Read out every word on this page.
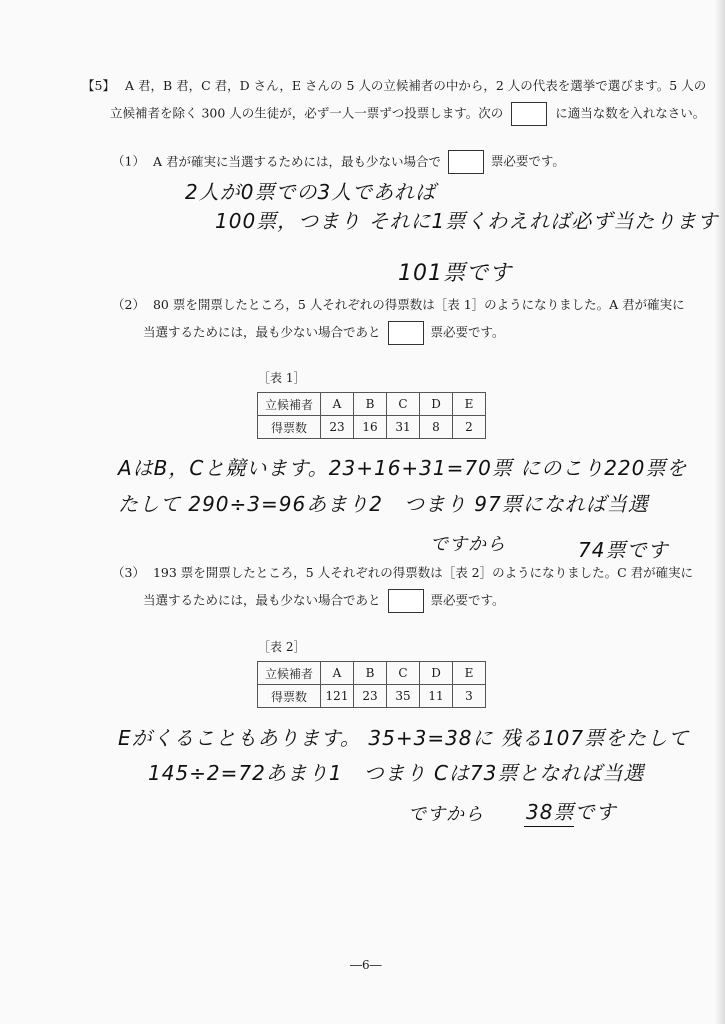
【5】 A 君，B 君，C 君，D さん，E さんの 5 人の立候補者の中から，2 人の代表を選挙で選びます。5 人の
立候補者を除く 300 人の生徒が，必ず一人一票ずつ投票します。次の	に適当な数を入れなさい。
（1） A 君が確実に当選するためには，最も少ない場合で	票必要です。
2人が0票での3人であれば
100票，つまり それに1票くわえれば必ず当たります
101票です
（2） 80 票を開票したところ，5 人それぞれの得票数は［表 1］のようになりました。A 君が確実に
当選するためには，最も少ない場合であと	票必要です。
［表 1］
立候補者	A	B	C	D	E
得票数	23	16	31	8	2
AはB，Cと競います。23+16+31=70票 にのこり220票を
たして 290÷3=96あまり2　つまり 97票になれば当選
ですから	74票です
（3） 193 票を開票したところ，5 人それぞれの得票数は［表 2］のようになりました。C 君が確実に
当選するためには，最も少ない場合であと	票必要です。
［表 2］
立候補者	A	B	C	D	E
得票数	121	23	35	11	3
Eがくることもあります。 35+3=38に 残る107票をたして
145÷2=72あまり1　つまり Cは73票となれば当選
ですから 38票です
―6―
